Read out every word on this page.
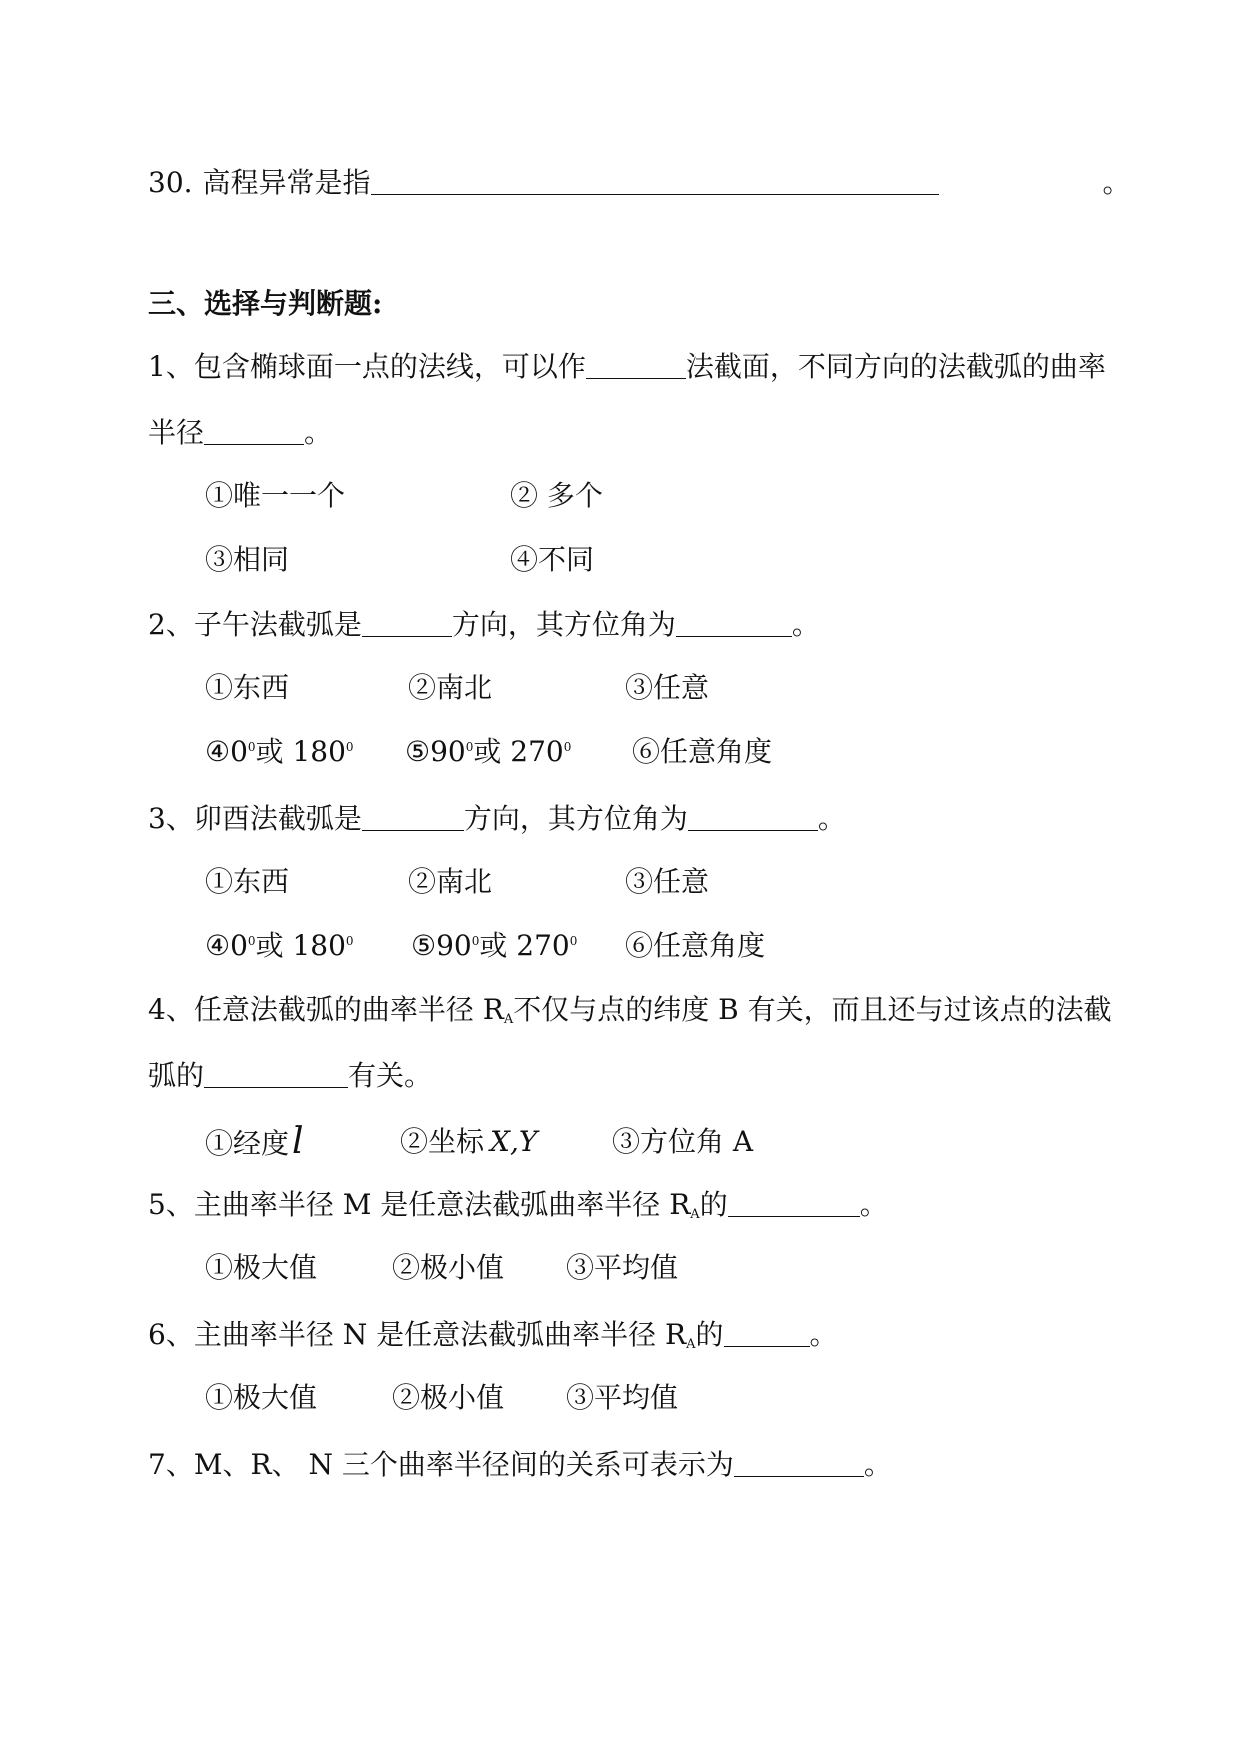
30. 高程异常是指	。
三、选择与判断题:
1、包含椭球面一点的法线，可以作	法截面，不同方向的法截弧的曲率
半径	。
①唯一一个	② 多个
③相同	④不同
2、子午法截弧是	方向，其方位角为	。
①东西	②南北	③任意
$④0^0$或 $180^0$ $⑤90^0$或 $270^0$ ⑥任意角度
3、卯酉法截弧是	方向，其方位角为	。
①东西	②南北	③任意
$④0^0$或 $180^0$ $⑤90^0$或 $270^0$ ⑥任意角度
4、任意法截弧的曲率半径 $R_A$不仅与点的纬度 B 有关，而且还与过该点的法截
弧的	有关。
①经度l	②坐标 X,Y	③方位角 A
5、主曲率半径 M 是任意法截弧曲率半径 $R_A$的	。
①极大值	②极小值 ③平均值
6、主曲率半径 N 是任意法截弧曲率半径 $R_A$的	。
①极大值	②极小值 ③平均值
7、M、R、 N 三个曲率半径间的关系可表示为	。
